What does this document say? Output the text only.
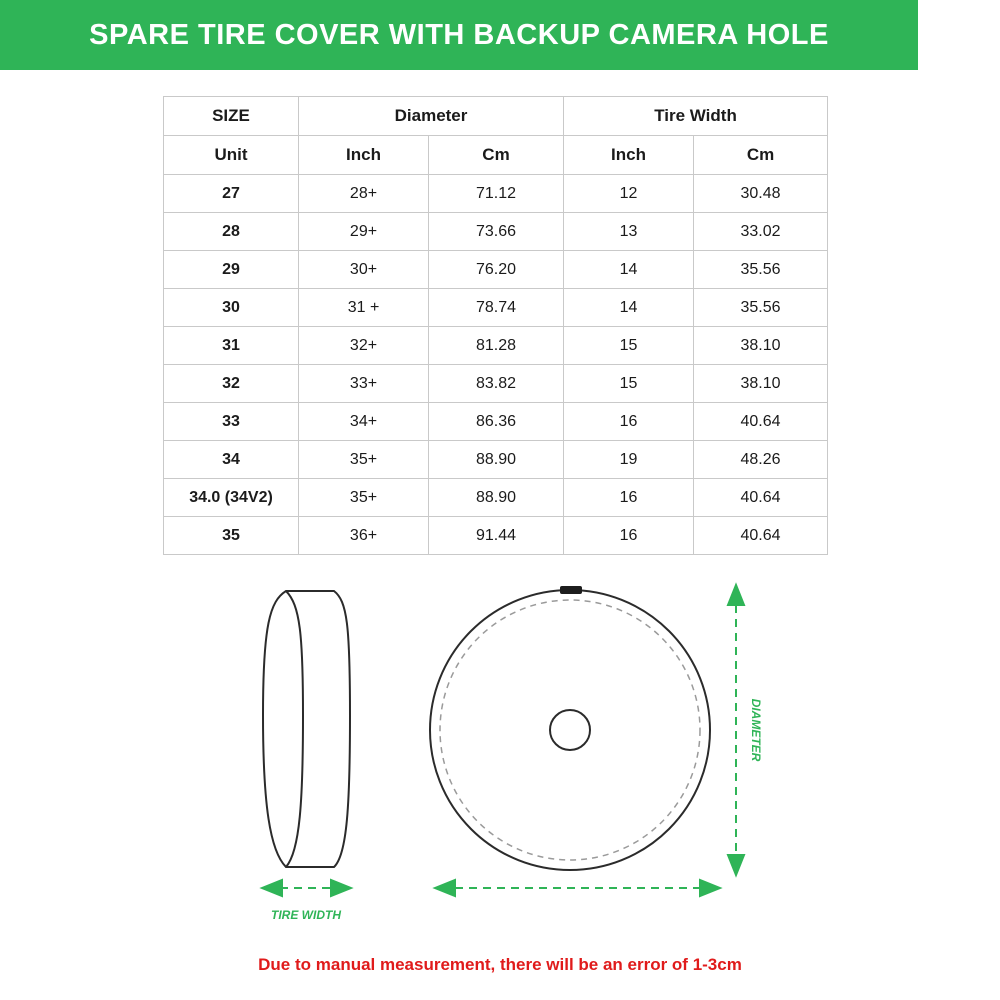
SPARE TIRE COVER WITH BACKUP CAMERA HOLE
SIZE	Diameter		Tire Width	
Unit	Inch	Cm	Inch	Cm
27	28+	71.12	12	30.48
28	29+	73.66	13	33.02
29	30+	76.20	14	35.56
30	31 +	78.74	14	35.56
31	32+	81.28	15	38.10
32	33+	83.82	15	38.10
33	34+	86.36	16	40.64
34	35+	88.90	19	48.26
34.0 (34V2)	35+	88.90	16	40.64
35	36+	91.44	16	40.64
DIAMETER
TIRE WIDTH
Due to manual measurement, there will be an error of 1-3cm
